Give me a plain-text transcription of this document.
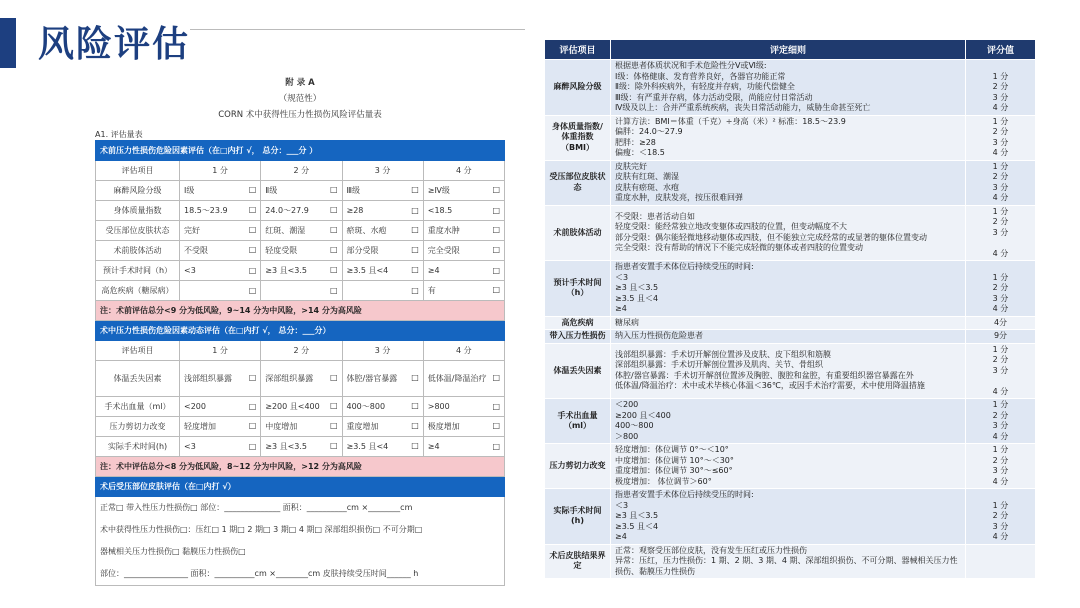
风险评估
附 录 A
（规范性）
CORN 术中获得性压力性损伤风险评估量表
A1. 评估量表
术前压力性损伤危险因素评估（在□内打 √， 总分：___分 ）				
评估项目	1 分	2 分	3 分	4 分
麻醉风险分级	Ⅰ级 □	Ⅱ级 □	Ⅲ级 □	≥Ⅳ级 □

身体质量指数	18.5～23.9 □	24.0～27.9 □	≥28 □	<18.5 □

受压部位皮肤状态	完好 □	红斑、潮湿 □	瘀斑、水疱 □	重度水肿 □

术前肢体活动	不受限 □	轻度受限 □	部分受限 □	完全受限 □

预计手术时间（h）	<3 □	≥3 且<3.5 □	≥3.5 且<4 □	≥4 □

高危疾病（糖尿病）	□	□	□	有 □

注：术前评估总分<9 分为低风险，9~14 分为中风险，>14 分为高风险				
术中压力性损伤危险因素动态评估（在□内打 √， 总分：___分）				
评估项目	1 分	2 分	3 分	4 分
体温丢失因素	浅部组织暴露 □	深部组织暴露 □	体腔/器官暴露 □	低体温/降温治疗 □

手术出血量（ml）	<200 □	≥200 且<400 □	400～800 □	>800 □

压力剪切力改变	轻度增加 □	中度增加 □	重度增加 □	极度增加 □

实际手术时间(h)	<3 □	≥3 且<3.5 □	≥3.5 且<4 □	≥4 □

注：术中评估总分<8 分为低风险，8~12 分为中风险，>12 分为高风险				
术后受压部位皮肤评估（在□内打 √）				
正常□ 带入性压力性损伤□ 部位：______________ 面积：__________cm ×________cm
术中获得性压力性损伤□：压红□ 1 期□ 2 期□ 3 期□ 4 期□ 深部组织损伤□ 不可分期□
器械相关压力性损伤□ 黏膜压力性损伤□
部位：________________ 面积：__________cm ×________cm 皮肤持续受压时间______ h
评估项目	评定细则	评分值
麻醉风险分级	根据患者体质状况和手术危险性分Ⅴ或Ⅵ级:
Ⅰ级：体格健康、发育营养良好，各器官功能正常
Ⅱ级：除外科疾病外，有轻度并存病，功能代偿健全
Ⅲ级：有严重并存病，体力活动受限，尚能应付日常活动
Ⅳ级及以上：合并严重系统疾病，丧失日常活动能力，威胁生命甚至死亡	1 分
2 分
3 分
4 分

身体质量指数/体重指数（BMI）	计算方法：BMI＝体重（千克）÷身高（米）² 标准：18.5～23.9
偏胖：24.0～27.9
肥胖：≥28
偏瘦：＜18.5	1 分
2 分
3 分
4 分

受压部位皮肤状态	皮肤完好
皮肤有红斑、潮湿
皮肤有瘀斑、水疱
重度水肿，皮肤发亮，按压很难回弹	1 分
2 分
3 分
4 分

术前肢体活动	不受限：患者活动自如
轻度受限：能经常独立地改变躯体或四肢的位置，但变动幅度不大
部分受限：偶尔能轻微地移动躯体或四肢，但不能独立完成经常的或显著的躯体位置变动
完全受限：没有帮助的情况下不能完成轻微的躯体或者四肢的位置变动	1 分
2 分
3 分

4 分

预计手术时间（h）	指患者安置手术体位后持续受压的时间:
＜3
≥3 且＜3.5
≥3.5 且＜4
≥4	1 分
2 分
3 分
4 分

高危疾病	糖尿病	4分

带入压力性损伤	纳入压力性损伤危险患者	9分

体温丢失因素	浅部组织暴露：手术切开解剖位置涉及皮肤、皮下组织和筋膜
深部组织暴露：手术切开解剖位置涉及肌肉、关节、骨组织
体腔/器官暴露：手术切开解剖位置涉及胸腔、腹腔和盆腔，有重要组织器官暴露在外
低体温/降温治疗：术中或术毕核心体温＜36℃，或因手术治疗需要，术中使用降温措施	1 分
2 分
3 分

4 分

手术出血量（ml）	＜200
≥200 且＜400
400～800
＞800	1 分
2 分
3 分
4 分

压力剪切力改变	轻度增加：体位调节 0°～＜10°
中度增加：体位调节 10°～＜30°
重度增加：体位调节 30°～≤60°
极度增加： 体位调节＞60°	1 分
2 分
3 分
4 分

实际手术时间(h)	指患者安置手术体位后持续受压的时间:
＜3
≥3 且＜3.5
≥3.5 且＜4
≥4	1 分
2 分
3 分
4 分

术后皮肤结果界定	正常：观察受压部位皮肤，没有发生压红或压力性损伤
异常：压红，压力性损伤：1 期、2 期、3 期、4 期、深部组织损伤、不可分期、器械相关压力性损伤、黏膜压力性损伤	
